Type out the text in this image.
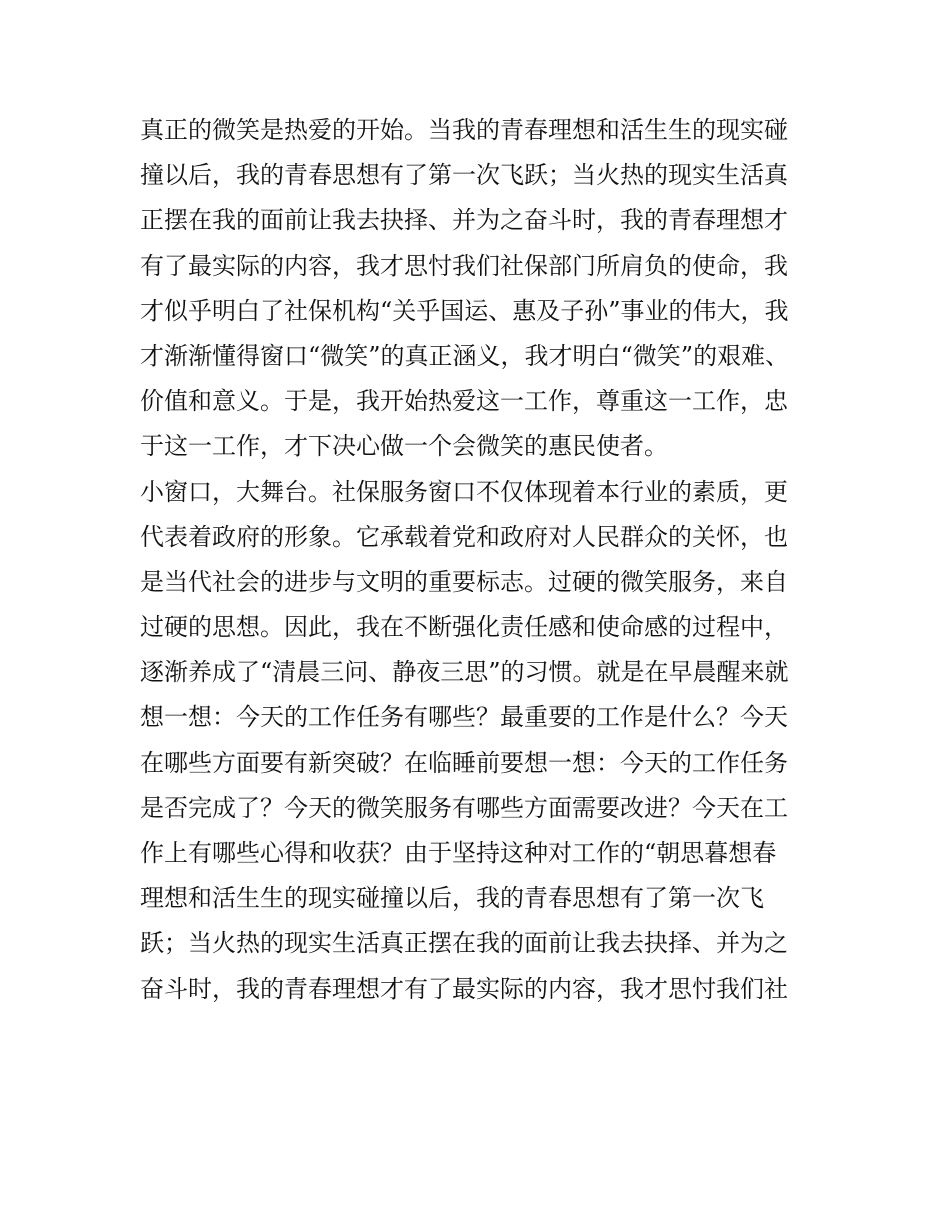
真正的微笑是热爱的开始。当我的青春理想和活生生的现实碰
撞以后，我的青春思想有了第一次飞跃；当火热的现实生活真
正摆在我的面前让我去抉择、并为之奋斗时，我的青春理想才
有了最实际的内容，我才思忖我们社保部门所肩负的使命，我
才似乎明白了社保机构“关乎国运、惠及子孙”事业的伟大，我
才渐渐懂得窗口“微笑”的真正涵义，我才明白“微笑”的艰难、
价值和意义。于是，我开始热爱这一工作，尊重这一工作，忠
于这一工作，才下决心做一个会微笑的惠民使者。
小窗口，大舞台。社保服务窗口不仅体现着本行业的素质，更
代表着政府的形象。它承载着党和政府对人民群众的关怀，也
是当代社会的进步与文明的重要标志。过硬的微笑服务，来自
过硬的思想。因此，我在不断强化责任感和使命感的过程中，
逐渐养成了“清晨三问、静夜三思”的习惯。就是在早晨醒来就
想一想：今天的工作任务有哪些？最重要的工作是什么？今天
在哪些方面要有新突破？在临睡前要想一想：今天的工作任务
是否完成了？今天的微笑服务有哪些方面需要改进？今天在工
作上有哪些心得和收获？由于坚持这种对工作的“朝思暮想春
理想和活生生的现实碰撞以后，我的青春思想有了第一次飞
跃；当火热的现实生活真正摆在我的面前让我去抉择、并为之
奋斗时，我的青春理想才有了最实际的内容，我才思忖我们社
